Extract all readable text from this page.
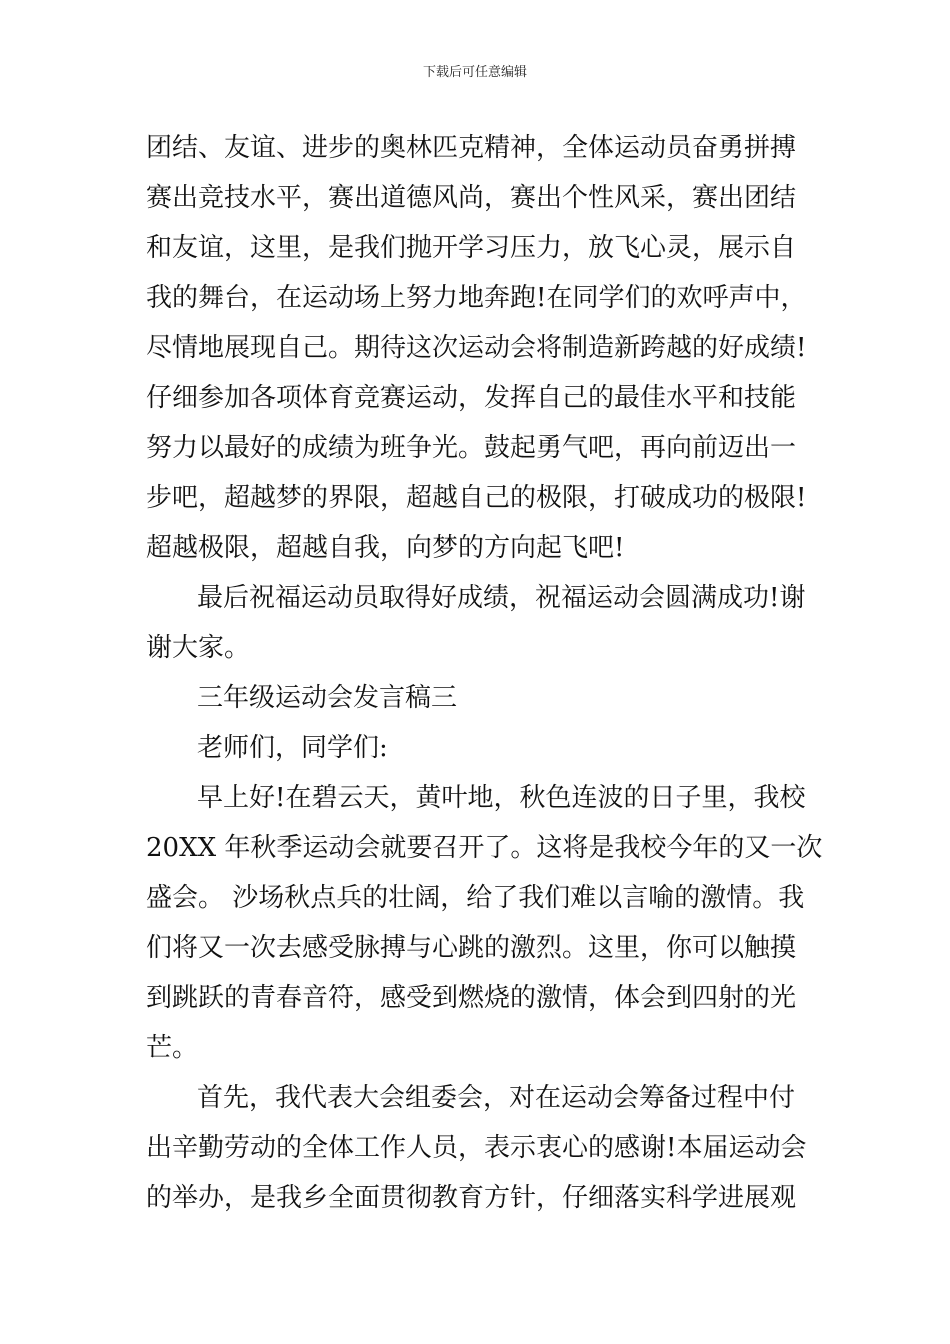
下载后可任意编辑
团结、友谊、进步的奥林匹克精神，全体运动员奋勇拼搏
赛出竞技水平，赛出道德风尚，赛出个性风采，赛出团结
和友谊，这里，是我们抛开学习压力，放飞心灵，展示自
我的舞台，在运动场上努力地奔跑!在同学们的欢呼声中，
尽情地展现自己。期待这次运动会将制造新跨越的好成绩!
仔细参加各项体育竞赛运动，发挥自己的最佳水平和技能
努力以最好的成绩为班争光。鼓起勇气吧，再向前迈出一
步吧，超越梦的界限，超越自己的极限，打破成功的极限!
超越极限，超越自我，向梦的方向起飞吧!
最后祝福运动员取得好成绩，祝福运动会圆满成功!谢
谢大家。
三年级运动会发言稿三
老师们，同学们:
早上好!在碧云天，黄叶地，秋色连波的日子里，我校
20XX 年秋季运动会就要召开了。这将是我校今年的又一次
盛会。 沙场秋点兵的壮阔，给了我们难以言喻的激情。我
们将又一次去感受脉搏与心跳的激烈。这里，你可以触摸
到跳跃的青春音符，感受到燃烧的激情，体会到四射的光
芒。
首先，我代表大会组委会，对在运动会筹备过程中付
出辛勤劳动的全体工作人员，表示衷心的感谢!本届运动会
的举办，是我乡全面贯彻教育方针，仔细落实科学进展观
